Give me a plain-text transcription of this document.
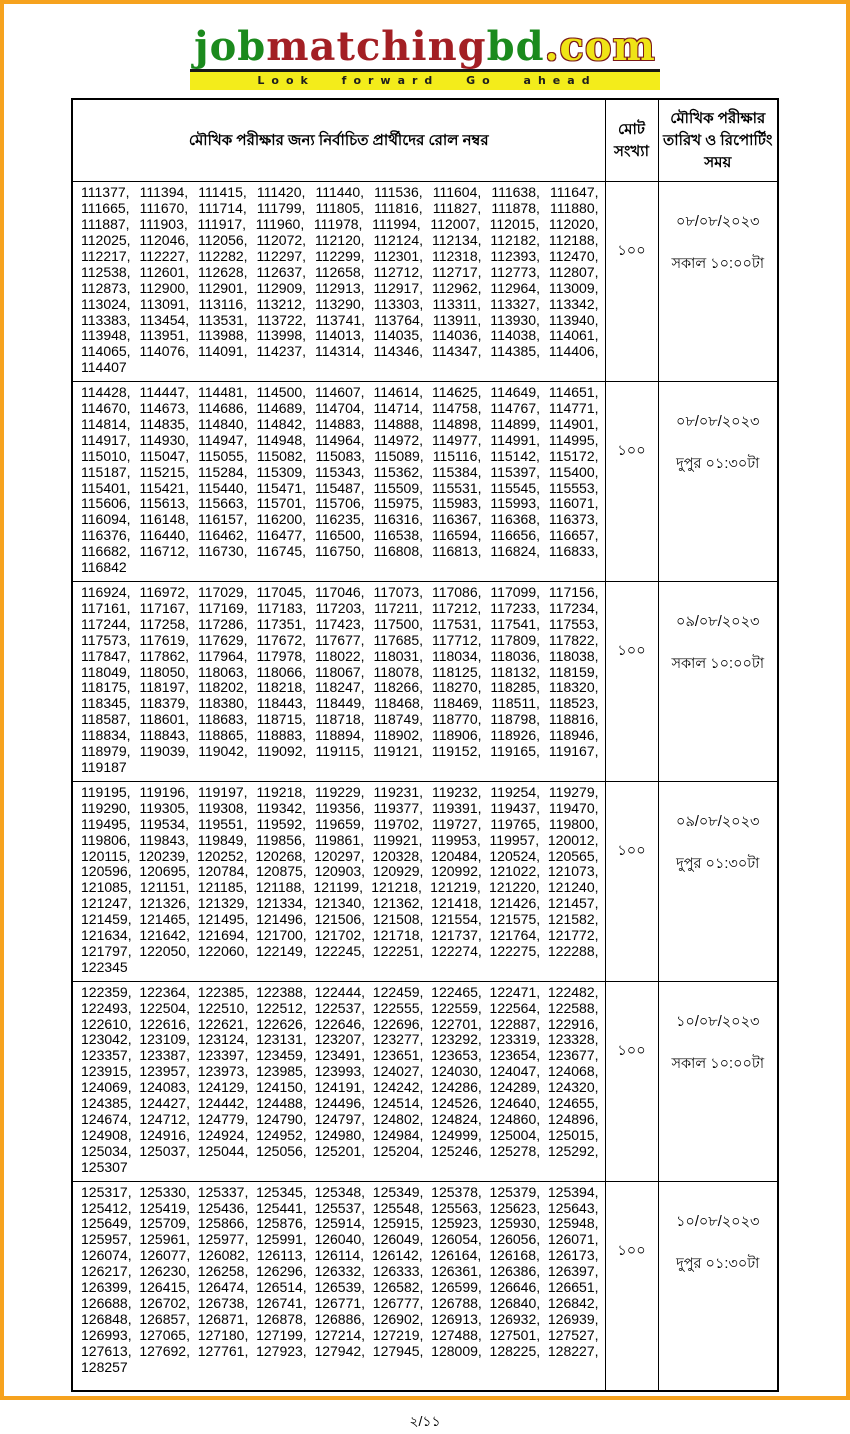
jobmatchingbd.com
Look forward Go ahead
মৌখিক পরীক্ষার জন্য নির্বাচিত প্রার্থীদের রোল নম্বর	মোট সংখ্যা	মৌখিক পরীক্ষার তারিখ ও রিপোর্টিং সময়
111377, 111394, 111415, 111420, 111440, 111536, 111604, 111638, 111647, 111665, 111670, 111714, 111799, 111805, 111816, 111827, 111878, 111880, 111887, 111903, 111917, 111960, 111978, 111994, 112007, 112015, 112020, 112025, 112046, 112056, 112072, 112120, 112124, 112134, 112182, 112188, 112217, 112227, 112282, 112297, 112299, 112301, 112318, 112393, 112470, 112538, 112601, 112628, 112637, 112658, 112712, 112717, 112773, 112807, 112873, 112900, 112901, 112909, 112913, 112917, 112962, 112964, 113009, 113024, 113091, 113116, 113212, 113290, 113303, 113311, 113327, 113342, 113383, 113454, 113531, 113722, 113741, 113764, 113911, 113930, 113940, 113948, 113951, 113988, 113998, 114013, 114035, 114036, 114038, 114061, 114065, 114076, 114091, 114237, 114314, 114346, 114347, 114385, 114406, 114407	১০০	০৮/০৮/২০২৩
সকাল ১০:০০টা

114428, 114447, 114481, 114500, 114607, 114614, 114625, 114649, 114651, 114670, 114673, 114686, 114689, 114704, 114714, 114758, 114767, 114771, 114814, 114835, 114840, 114842, 114883, 114888, 114898, 114899, 114901, 114917, 114930, 114947, 114948, 114964, 114972, 114977, 114991, 114995, 115010, 115047, 115055, 115082, 115083, 115089, 115116, 115142, 115172, 115187, 115215, 115284, 115309, 115343, 115362, 115384, 115397, 115400, 115401, 115421, 115440, 115471, 115487, 115509, 115531, 115545, 115553, 115606, 115613, 115663, 115701, 115706, 115975, 115983, 115993, 116071, 116094, 116148, 116157, 116200, 116235, 116316, 116367, 116368, 116373, 116376, 116440, 116462, 116477, 116500, 116538, 116594, 116656, 116657, 116682, 116712, 116730, 116745, 116750, 116808, 116813, 116824, 116833, 116842	১০০	০৮/০৮/২০২৩
দুপুর ০১:৩০টা

116924, 116972, 117029, 117045, 117046, 117073, 117086, 117099, 117156, 117161, 117167, 117169, 117183, 117203, 117211, 117212, 117233, 117234, 117244, 117258, 117286, 117351, 117423, 117500, 117531, 117541, 117553, 117573, 117619, 117629, 117672, 117677, 117685, 117712, 117809, 117822, 117847, 117862, 117964, 117978, 118022, 118031, 118034, 118036, 118038, 118049, 118050, 118063, 118066, 118067, 118078, 118125, 118132, 118159, 118175, 118197, 118202, 118218, 118247, 118266, 118270, 118285, 118320, 118345, 118379, 118380, 118443, 118449, 118468, 118469, 118511, 118523, 118587, 118601, 118683, 118715, 118718, 118749, 118770, 118798, 118816, 118834, 118843, 118865, 118883, 118894, 118902, 118906, 118926, 118946, 118979, 119039, 119042, 119092, 119115, 119121, 119152, 119165, 119167, 119187	১০০	০৯/০৮/২০২৩
সকাল ১০:০০টা

119195, 119196, 119197, 119218, 119229, 119231, 119232, 119254, 119279, 119290, 119305, 119308, 119342, 119356, 119377, 119391, 119437, 119470, 119495, 119534, 119551, 119592, 119659, 119702, 119727, 119765, 119800, 119806, 119843, 119849, 119856, 119861, 119921, 119953, 119957, 120012, 120115, 120239, 120252, 120268, 120297, 120328, 120484, 120524, 120565, 120596, 120695, 120784, 120875, 120903, 120929, 120992, 121022, 121073, 121085, 121151, 121185, 121188, 121199, 121218, 121219, 121220, 121240, 121247, 121326, 121329, 121334, 121340, 121362, 121418, 121426, 121457, 121459, 121465, 121495, 121496, 121506, 121508, 121554, 121575, 121582, 121634, 121642, 121694, 121700, 121702, 121718, 121737, 121764, 121772, 121797, 122050, 122060, 122149, 122245, 122251, 122274, 122275, 122288, 122345	১০০	০৯/০৮/২০২৩
দুপুর ০১:৩০টা

122359, 122364, 122385, 122388, 122444, 122459, 122465, 122471, 122482, 122493, 122504, 122510, 122512, 122537, 122555, 122559, 122564, 122588, 122610, 122616, 122621, 122626, 122646, 122696, 122701, 122887, 122916, 123042, 123109, 123124, 123131, 123207, 123277, 123292, 123319, 123328, 123357, 123387, 123397, 123459, 123491, 123651, 123653, 123654, 123677, 123915, 123957, 123973, 123985, 123993, 124027, 124030, 124047, 124068, 124069, 124083, 124129, 124150, 124191, 124242, 124286, 124289, 124320, 124385, 124427, 124442, 124488, 124496, 124514, 124526, 124640, 124655, 124674, 124712, 124779, 124790, 124797, 124802, 124824, 124860, 124896, 124908, 124916, 124924, 124952, 124980, 124984, 124999, 125004, 125015, 125034, 125037, 125044, 125056, 125201, 125204, 125246, 125278, 125292, 125307	১০০	১০/০৮/২০২৩
সকাল ১০:০০টা

125317, 125330, 125337, 125345, 125348, 125349, 125378, 125379, 125394, 125412, 125419, 125436, 125441, 125537, 125548, 125563, 125623, 125643, 125649, 125709, 125866, 125876, 125914, 125915, 125923, 125930, 125948, 125957, 125961, 125977, 125991, 126040, 126049, 126054, 126056, 126071, 126074, 126077, 126082, 126113, 126114, 126142, 126164, 126168, 126173, 126217, 126230, 126258, 126296, 126332, 126333, 126361, 126386, 126397, 126399, 126415, 126474, 126514, 126539, 126582, 126599, 126646, 126651, 126688, 126702, 126738, 126741, 126771, 126777, 126788, 126840, 126842, 126848, 126857, 126871, 126878, 126886, 126902, 126913, 126932, 126939, 126993, 127065, 127180, 127199, 127214, 127219, 127488, 127501, 127527, 127613, 127692, 127761, 127923, 127942, 127945, 128009, 128225, 128227, 128257	১০০	১০/০৮/২০২৩
দুপুর ০১:৩০টা
২/১১
